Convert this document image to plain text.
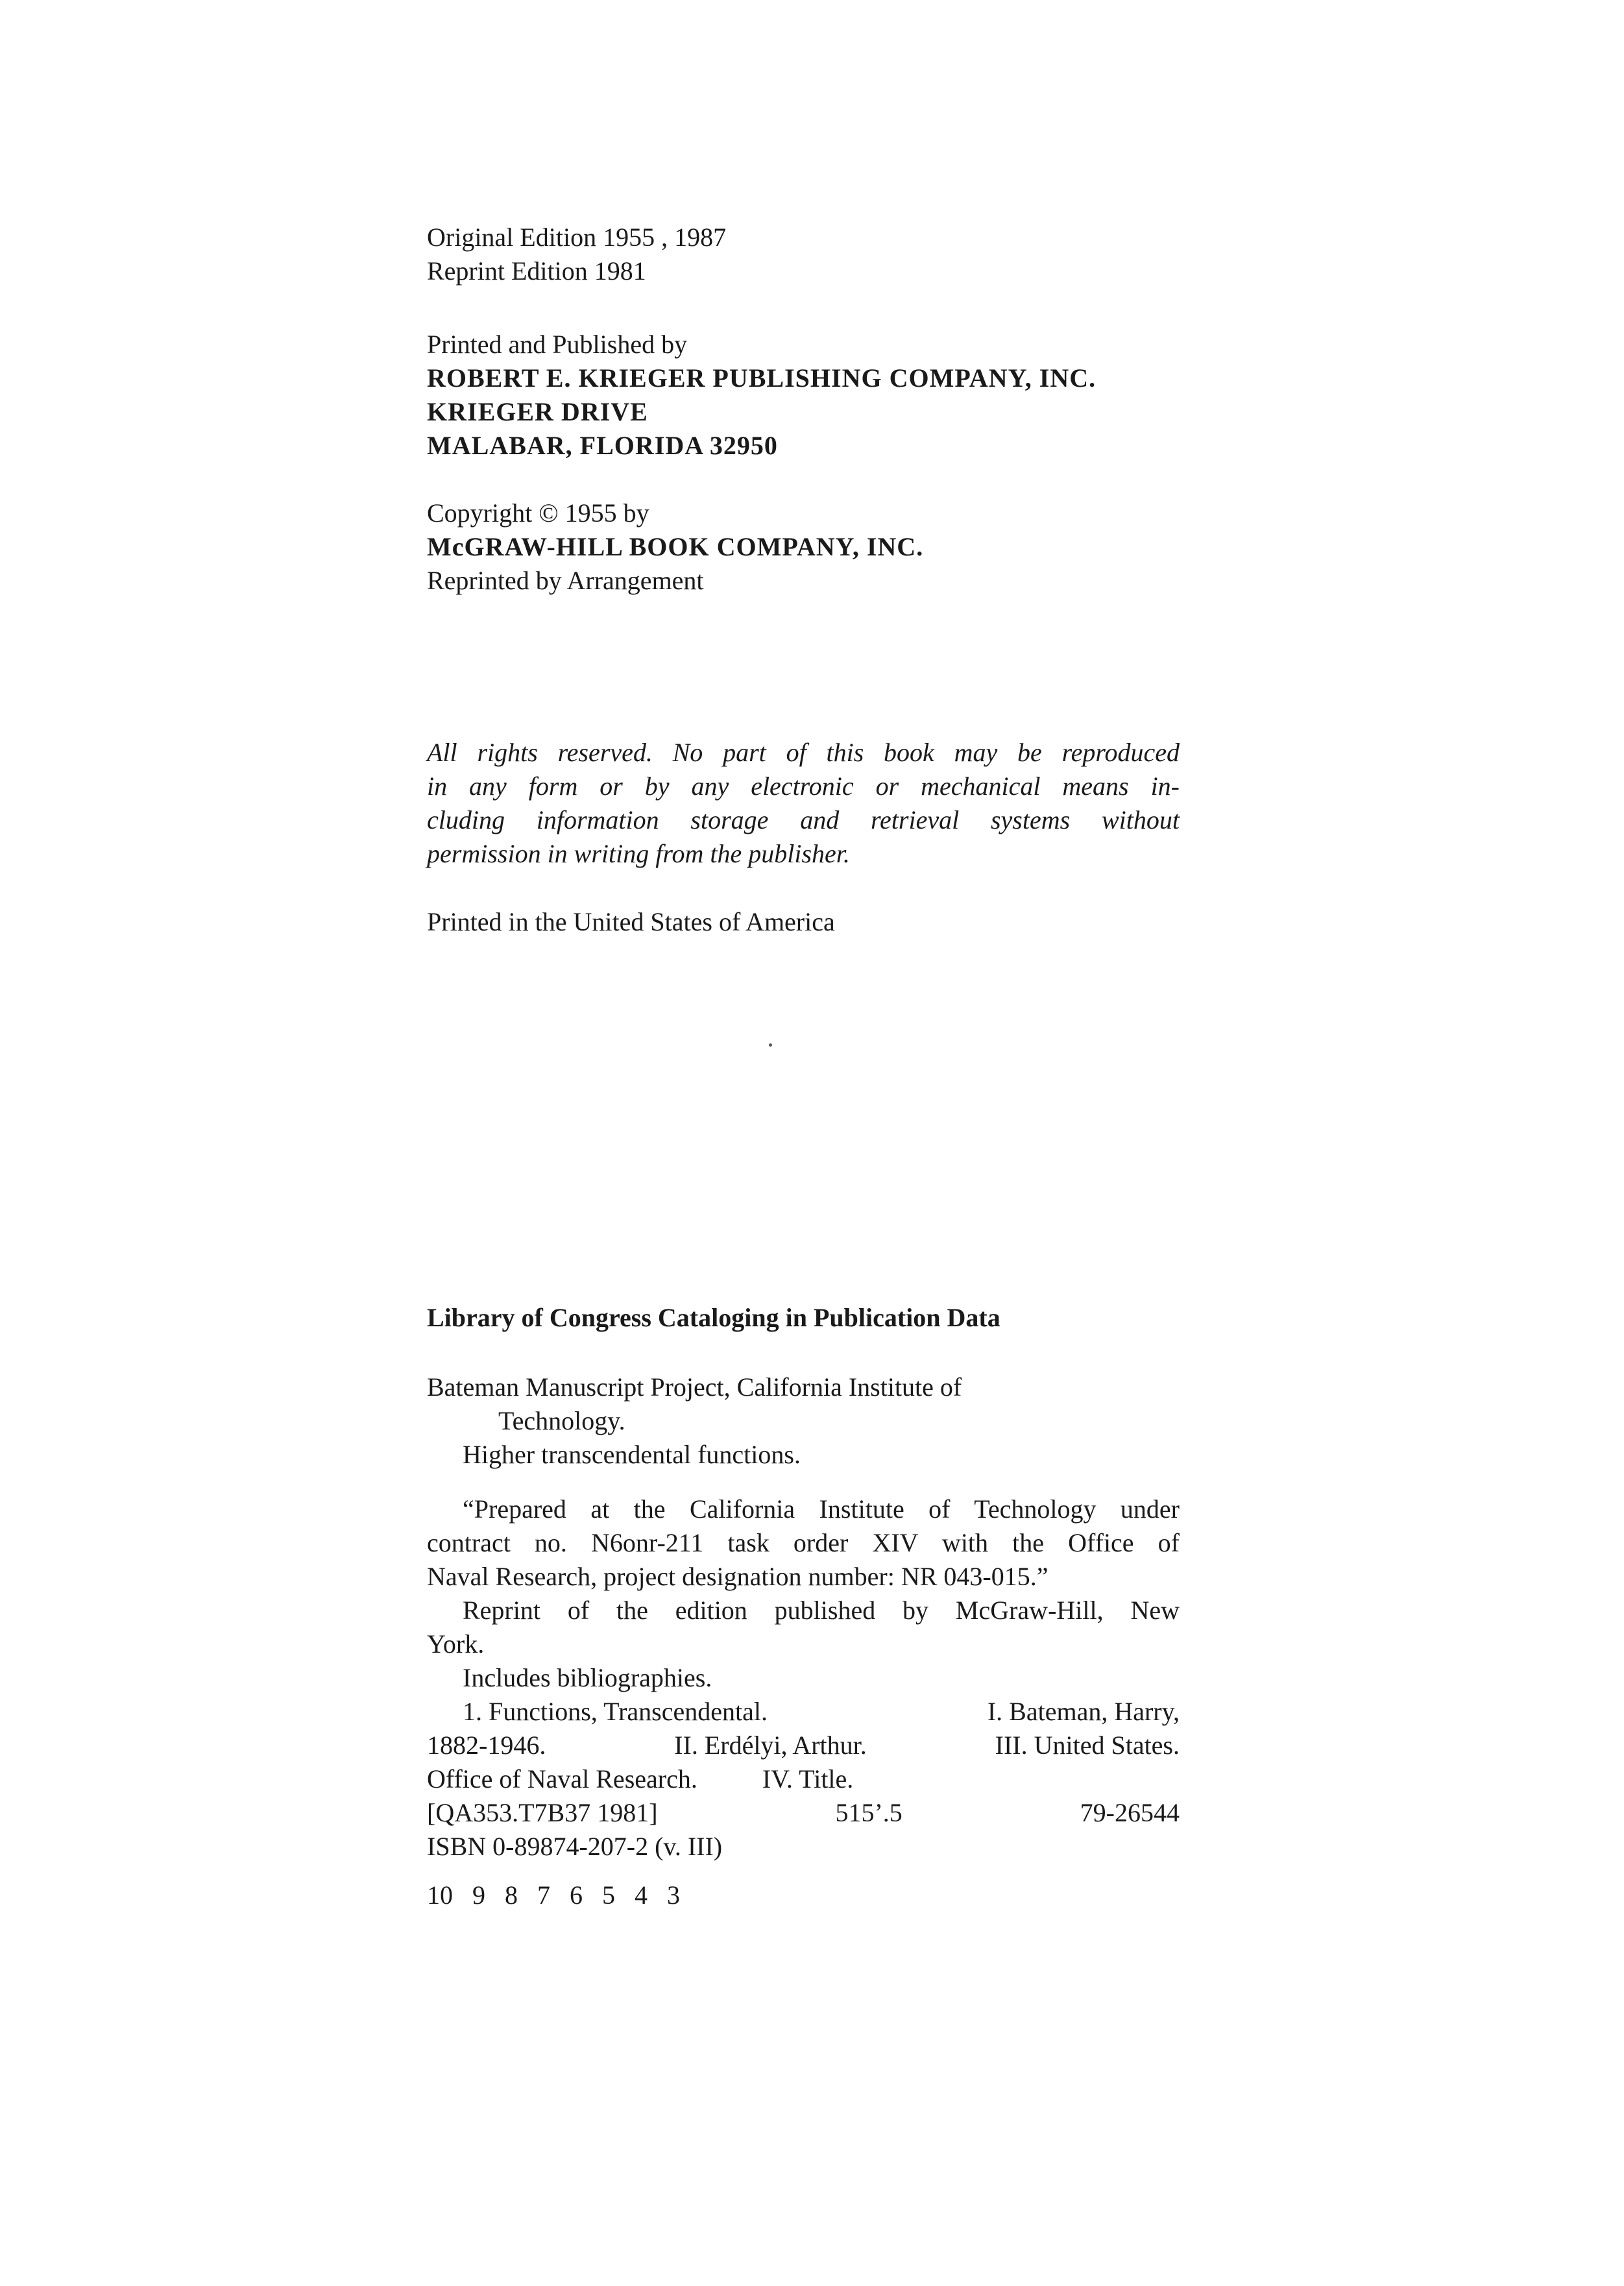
Original Edition 1955 , 1987
Reprint Edition 1981
Printed and Published by
ROBERT E. KRIEGER PUBLISHING COMPANY, INC.
KRIEGER DRIVE
MALABAR, FLORIDA 32950
Copyright © 1955 by
McGRAW-HILL BOOK COMPANY, INC.
Reprinted by Arrangement
All rights reserved. No part of this book may be reproduced
in any form or by any electronic or mechanical means in-
cluding information storage and retrieval systems without
permission in writing from the publisher.
Printed in the United States of America
Library of Congress Cataloging in Publication Data
Bateman Manuscript Project, California Institute of
Technology.
Higher transcendental functions.
“Prepared at the California Institute of Technology under
contract no. N6onr-211 task order XIV with the Office of
Naval Research, project designation number: NR 043-015.”
Reprint of the edition published by McGraw-Hill, New
York.
Includes bibliographies.
1. Functions, Transcendental.	I. Bateman, Harry,
1882-1946.	II. Erdélyi, Arthur.	III. United States.
Office of Naval Research.	IV. Title.
[QA353.T7B37 1981]	515’.5	79-26544
ISBN 0-89874-207-2 (v. III)
10 9 8 7 6 5 4 3
